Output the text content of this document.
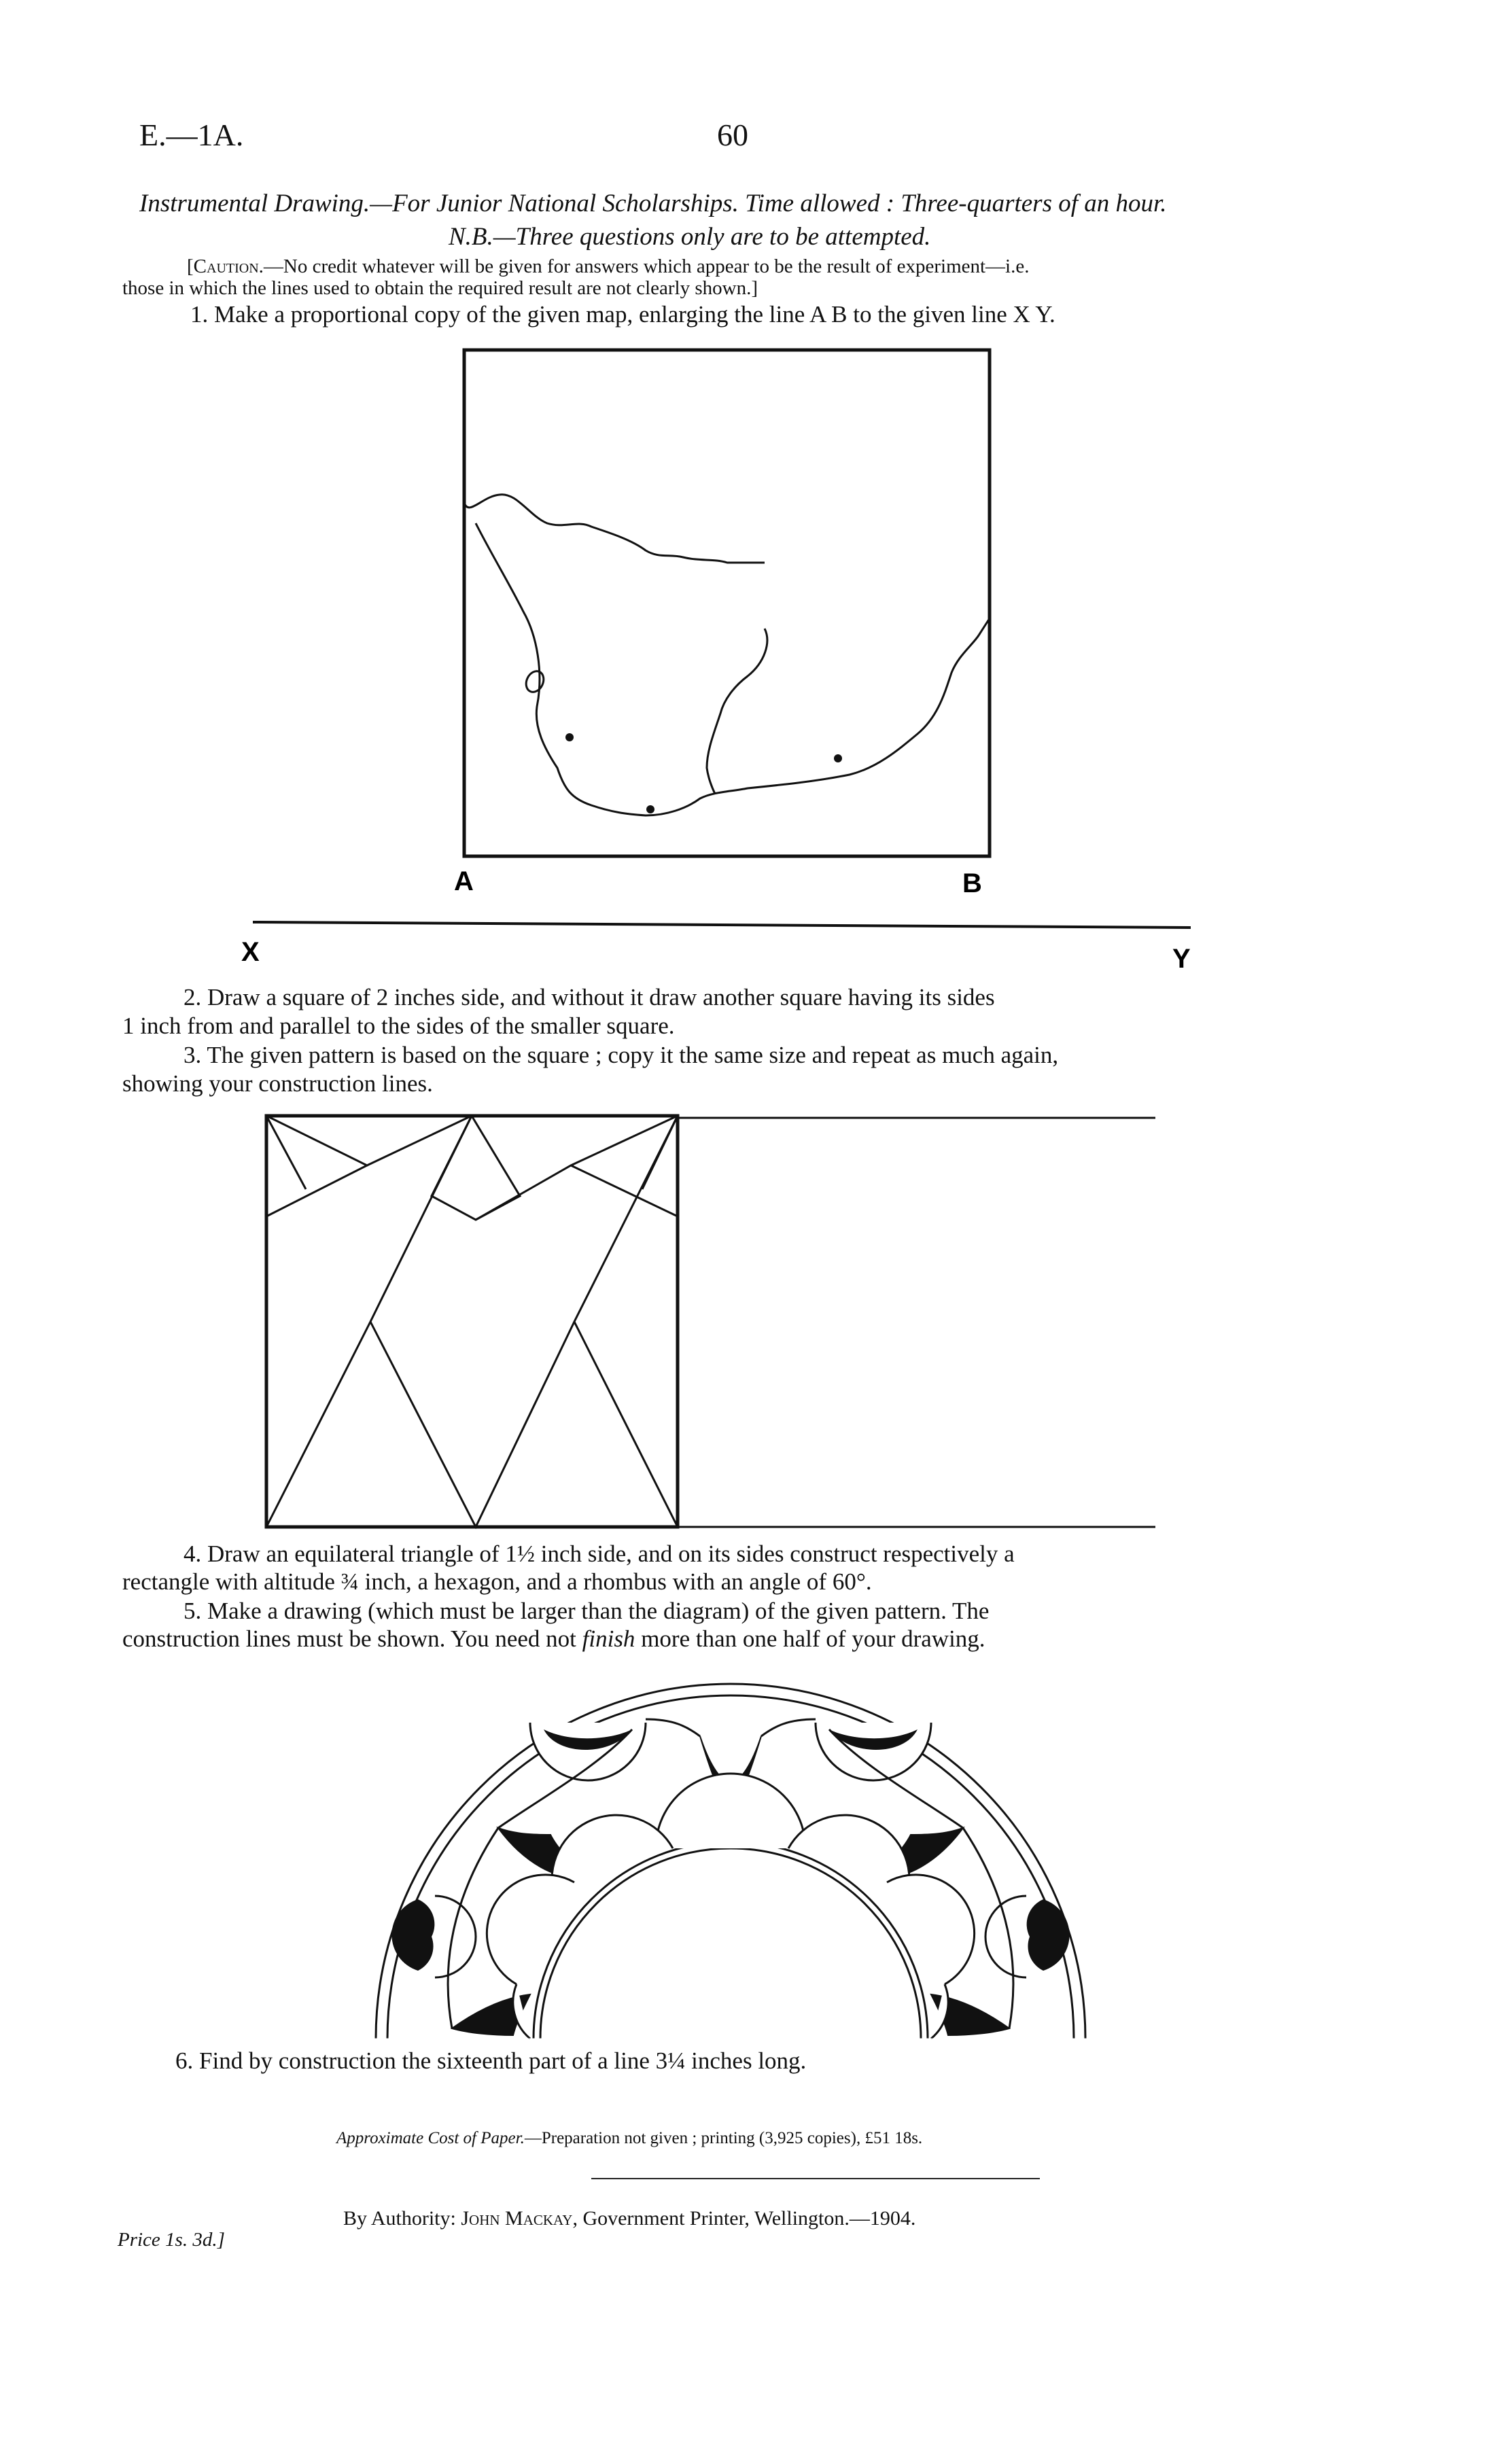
E.—1A.	60
Instrumental Drawing.—For Junior National Scholarships. Time allowed : Three-quarters of an hour.
N.B.—Three questions only are to be attempted.
[Caution.—No credit whatever will be given for answers which appear to be the result of experiment—i.e.
those in which the lines used to obtain the required result are not clearly shown.]
1. Make a proportional copy of the given map, enlarging the line A B to the given line X Y.
A	B
X	Y
2. Draw a square of 2 inches side, and without it draw another square having its sides
1 inch from and parallel to the sides of the smaller square.
3. The given pattern is based on the square ; copy it the same size and repeat as much again,
showing your construction lines.
4. Draw an equilateral triangle of 1½ inch side, and on its sides construct respectively a
rectangle with altitude ¾ inch, a hexagon, and a rhombus with an angle of 60°.
5. Make a drawing (which must be larger than the diagram) of the given pattern. The
construction lines must be shown. You need not finish more than one half of your drawing.
6. Find by construction the sixteenth part of a line 3¼ inches long.
Approximate Cost of Paper.—Preparation not given ; printing (3,925 copies), £51 18s.
By Authority: John Mackay, Government Printer, Wellington.—1904.
Price 1s. 3d.]
